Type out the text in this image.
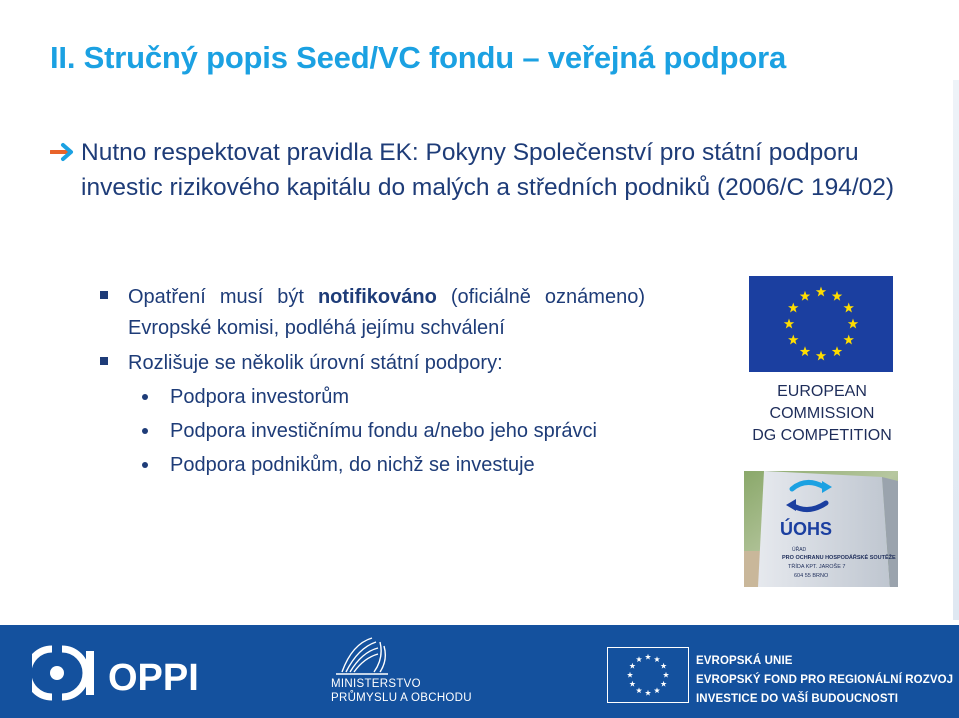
II. Stručný popis Seed/VC fondu – veřejná podpora
Nutno respektovat pravidla EK: Pokyny Společenství pro státní podporu investic rizikového kapitálu do malých a středních podniků (2006/C 194/02)
Opatření musí být notifikováno (oficiálně oznámeno) Evropské komisi, podléhá jejímu schválení
Rozlišuje se několik úrovní státní podpory:
Podpora investorům
Podpora investičnímu fondu a/nebo jeho správci
Podpora podnikům, do nichž se investuje
EUROPEAN
COMMISSION
DG COMPETITION
ÚOHS
ÚŘAD
PRO OCHRANU HOSPODÁŘSKÉ SOUTĚŽE
TŘÍDA KPT. JAROŠE 7
604 55 BRNO
OPPI	MINISTERSTVO
PRŮMYSLU A OBCHODU
EVROPSKÁ UNIE
EVROPSKÝ FOND PRO REGIONÁLNÍ ROZVOJ
INVESTICE DO VAŠÍ BUDOUCNOSTI
